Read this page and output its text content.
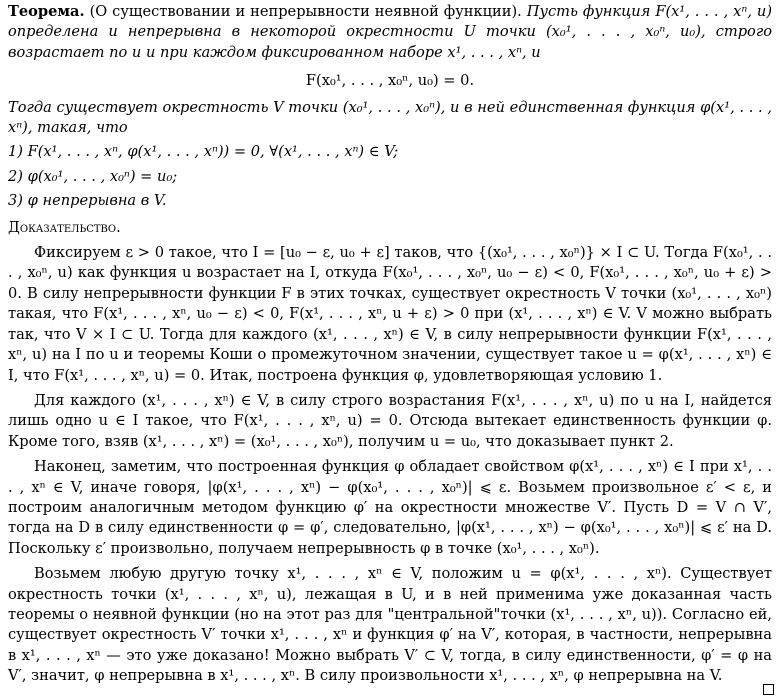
Теорема. (О существовании и непрерывности неявной функции). Пусть функция F(x¹, . . . , xⁿ, u) определена и непрерывна в некоторой окрестности U точки (x₀¹, . . . , x₀ⁿ, u₀), строго возрастает по u и при каждом фиксированном наборе x¹, . . . , xⁿ, u

F(x₀¹, . . . , x₀ⁿ, u₀) = 0.

Тогда существует окрестность V точки (x₀¹, . . . , x₀ⁿ), и в ней единственная функция φ(x¹, . . . , xⁿ), такая, что

1) F(x¹, . . . , xⁿ, φ(x¹, . . . , xⁿ)) = 0, ∀(x¹, . . . , xⁿ) ∈ V;

2) φ(x₀¹, . . . , x₀ⁿ) = u₀;

3) φ непрерывна в V.

Доказательство.

Фиксируем ε > 0 такое, что I = [u₀ − ε, u₀ + ε] таков, что {(x₀¹, . . . , x₀ⁿ)} × I ⊂ U. Тогда F(x₀¹, . . . , x₀ⁿ, u) как функция u возрастает на I, откуда F(x₀¹, . . . , x₀ⁿ, u₀ − ε) < 0, F(x₀¹, . . . , x₀ⁿ, u₀ + ε) > 0. В силу непрерывности функции F в этих точках, существует окрестность V точки (x₀¹, . . . , x₀ⁿ) такая, что F(x¹, . . . , xⁿ, u₀ − ε) < 0, F(x¹, . . . , xⁿ, u + ε) > 0 при (x¹, . . . , xⁿ) ∈ V. V можно выбрать так, что V × I ⊂ U. Тогда для каждого (x¹, . . . , xⁿ) ∈ V, в силу непрерывности функции F(x¹, . . . , xⁿ, u) на I по u и теоремы Коши о промежуточном значении, существует такое u = φ(x¹, . . . , xⁿ) ∈ I, что F(x¹, . . . , xⁿ, u) = 0. Итак, построена функция φ, удовлетворяющая условию 1.

Для каждого (x¹, . . . , xⁿ) ∈ V, в силу строго возрастания F(x¹, . . . , xⁿ, u) по u на I, найдется лишь одно u ∈ I такое, что F(x¹, . . . , xⁿ, u) = 0. Отсюда вытекает единственность функции φ. Кроме того, взяв (x¹, . . . , xⁿ) = (x₀¹, . . . , x₀ⁿ), получим u = u₀, что доказывает пункт 2.

Наконец, заметим, что построенная функция φ обладает свойством φ(x¹, . . . , xⁿ) ∈ I при x¹, . . . , xⁿ ∈ V, иначе говоря, |φ(x¹, . . . , xⁿ) − φ(x₀¹, . . . , x₀ⁿ)| ⩽ ε. Возьмем произвольное ε′ < ε, и построим аналогичным методом функцию φ′ на окрестности множестве V′. Пусть D = V ∩ V′, тогда на D в силу единственности φ = φ′, следовательно, |φ(x¹, . . . , xⁿ) − φ(x₀¹, . . . , x₀ⁿ)| ⩽ ε′ на D. Поскольку ε′ произвольно, получаем непрерывность φ в точке (x₀¹, . . . , x₀ⁿ).

Возьмем любую другую точку x¹, . . . , xⁿ ∈ V, положим u = φ(x¹, . . . , xⁿ). Существует окрестность точки (x¹, . . . , xⁿ, u), лежащая в U, и в ней применима уже доказанная часть теоремы о неявной функции (но на этот раз для "центральной"точки (x¹, . . . , xⁿ, u)). Согласно ей, существует окрестность V′ точки x¹, . . . , xⁿ и функция φ′ на V′, которая, в частности, непрерывна в x¹, . . . , xⁿ — это уже доказано! Можно выбрать V′ ⊂ V, тогда, в силу единственности, φ′ = φ на V′, значит, φ непрерывна в x¹, . . . , xⁿ. В силу произвольности x¹, . . . , xⁿ, φ непрерывна на V.
